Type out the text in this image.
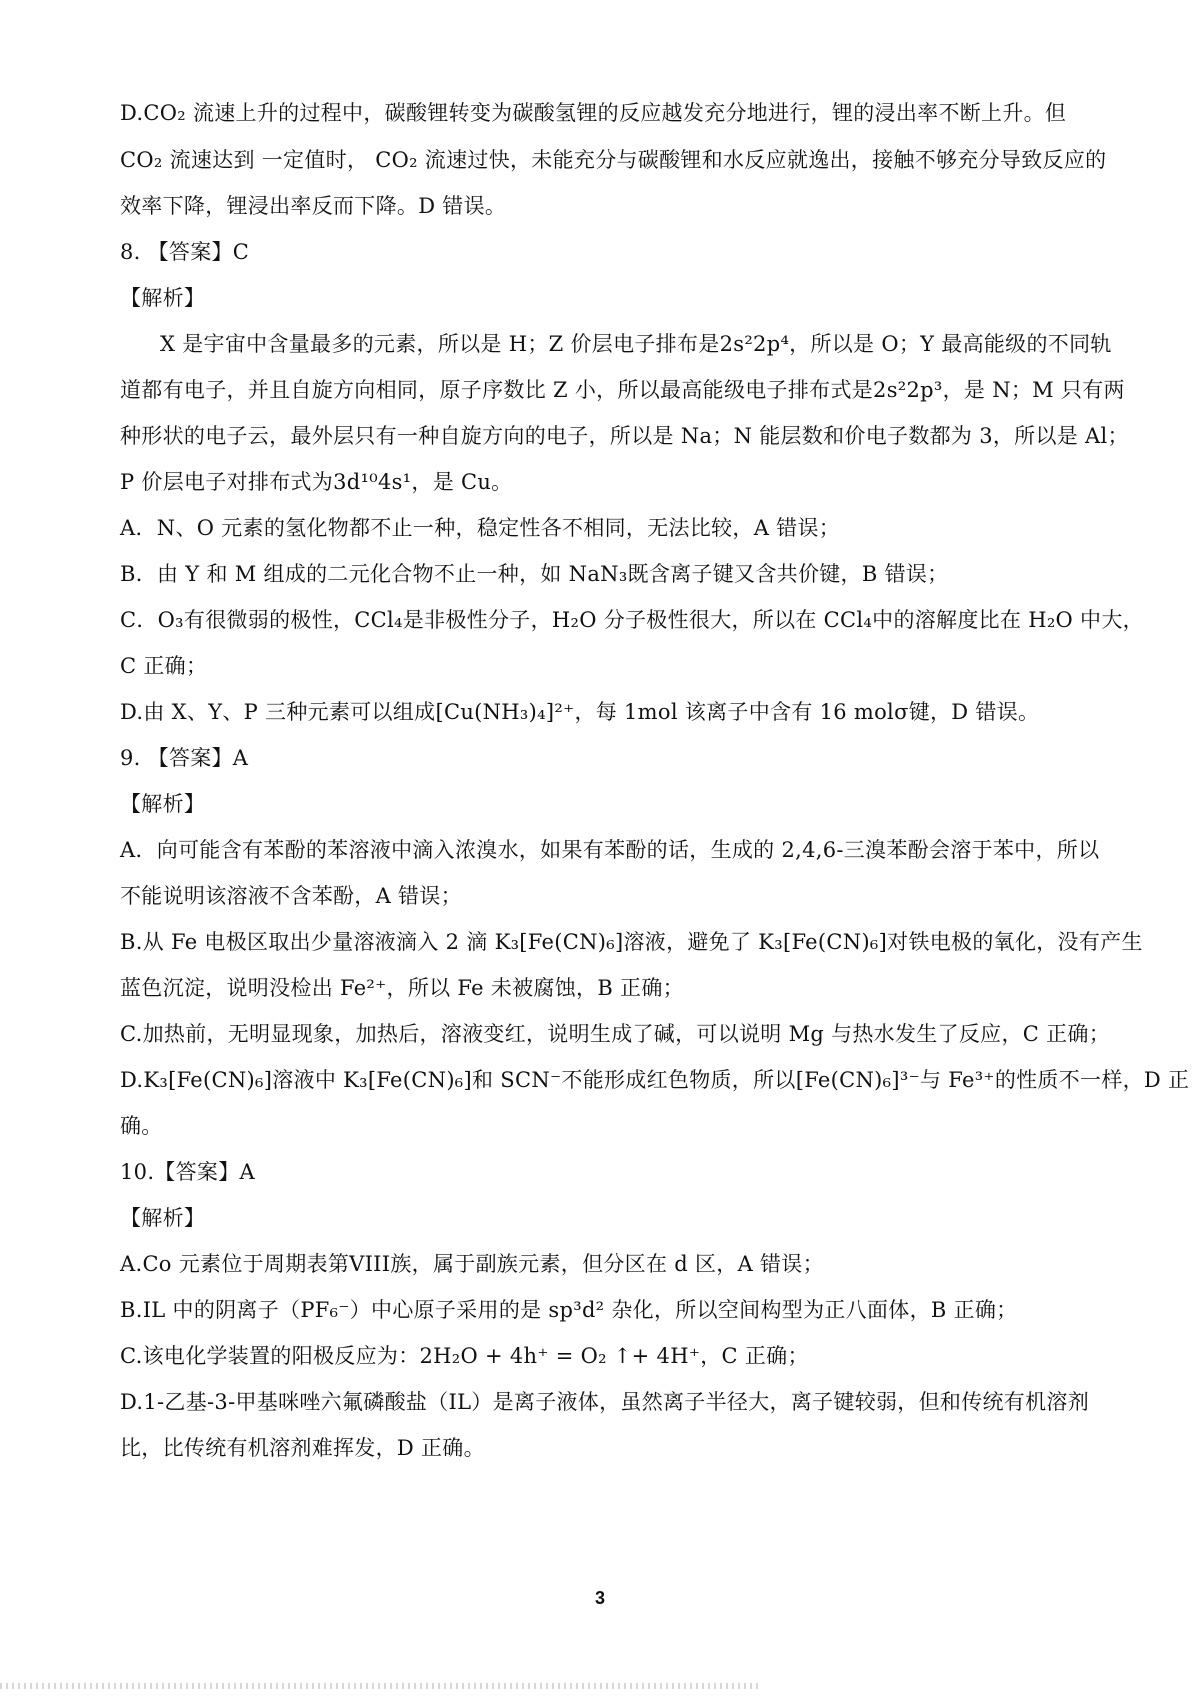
D.CO₂ 流速上升的过程中，碳酸锂转变为碳酸氢锂的反应越发充分地进行，锂的浸出率不断上升。但
CO₂ 流速达到 一定值时， CO₂ 流速过快，未能充分与碳酸锂和水反应就逸出，接触不够充分导致反应的
效率下降，锂浸出率反而下降。D 错误。
8. 【答案】C
【解析】
X 是宇宙中含量最多的元素，所以是 H；Z 价层电子排布是2s²2p⁴，所以是 O；Y 最高能级的不同轨
道都有电子，并且自旋方向相同，原子序数比 Z 小，所以最高能级电子排布式是2s²2p³，是 N；M 只有两
种形状的电子云，最外层只有一种自旋方向的电子，所以是 Na；N 能层数和价电子数都为 3，所以是 Al；
P 价层电子对排布式为3d¹⁰4s¹，是 Cu。
A．N、O 元素的氢化物都不止一种，稳定性各不相同，无法比较，A 错误；
B．由 Y 和 M 组成的二元化合物不止一种，如 NaN₃既含离子键又含共价键，B 错误；
C．O₃有很微弱的极性，CCl₄是非极性分子，H₂O 分子极性很大，所以在 CCl₄中的溶解度比在 H₂O 中大，
C 正确；
D.由 X、Y、P 三种元素可以组成[Cu(NH₃)₄]²⁺，每 1mol 该离子中含有 16 molσ键，D 错误。
9. 【答案】A
【解析】
A．向可能含有苯酚的苯溶液中滴入浓溴水，如果有苯酚的话，生成的 2,4,6-三溴苯酚会溶于苯中，所以
不能说明该溶液不含苯酚，A 错误；
B.从 Fe 电极区取出少量溶液滴入 2 滴 K₃[Fe(CN)₆]溶液，避免了 K₃[Fe(CN)₆]对铁电极的氧化，没有产生
蓝色沉淀，说明没检出 Fe²⁺，所以 Fe 未被腐蚀，B 正确；
C.加热前，无明显现象，加热后，溶液变红，说明生成了碱，可以说明 Mg 与热水发生了反应，C 正确；
D.K₃[Fe(CN)₆]溶液中 K₃[Fe(CN)₆]和 SCN⁻不能形成红色物质，所以[Fe(CN)₆]³⁻与 Fe³⁺的性质不一样，D 正
确。
10.【答案】A
【解析】
A.Co 元素位于周期表第VIII族，属于副族元素，但分区在 d 区，A 错误；
B.IL 中的阴离子（PF₆⁻）中心原子采用的是 sp³d² 杂化，所以空间构型为正八面体，B 正确；
C.该电化学装置的阳极反应为：2H₂O + 4h⁺ = O₂ ↑+ 4H⁺，C 正确；
D.1-乙基-3-甲基咪唑六氟磷酸盐（IL）是离子液体，虽然离子半径大，离子键较弱，但和传统有机溶剂
比，比传统有机溶剂难挥发，D 正确。
3
